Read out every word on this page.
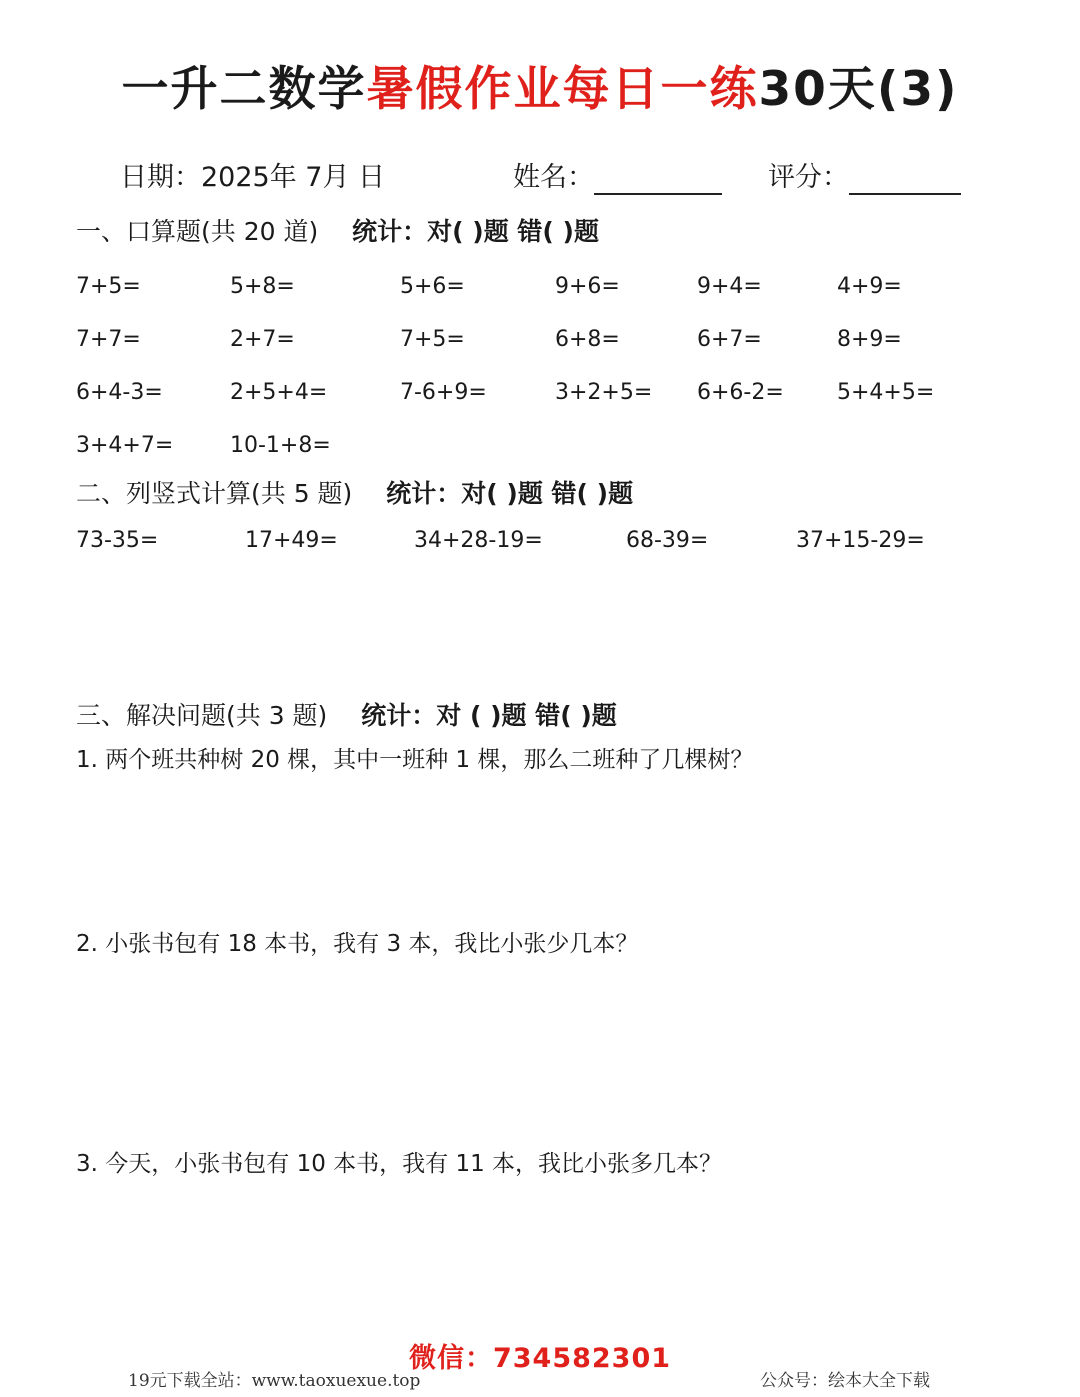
一升二数学暑假作业每日一练30天(3)
日期：2025年 7月 日	姓名：	评分：
一、口算题(共 20 道) 统计：对( )题 错( )题
7+5=	5+8=	5+6=	9+6=	9+4=	4+9=
7+7=	2+7=	7+5=	6+8=	6+7=	8+9=
6+4-3=	2+5+4=	7-6+9=	3+2+5= 6+6-2= 5+4+5=
3+4+7=	10-1+8=
二、列竖式计算(共 5 题) 统计：对( )题 错( )题
73-35=	17+49=	34+28-19=	68-39=	37+15-29=
三、解决问题(共 3 题) 统计：对 ( )题 错( )题
1. 两个班共种树 20 棵，其中一班种 1 棵，那么二班种了几棵树？
2. 小张书包有 18 本书，我有 3 本，我比小张少几本？
3. 今天，小张书包有 10 本书，我有 11 本，我比小张多几本？
微信：734582301
19元下载全站：www.taoxuexue.top	公众号：绘本大全下载
